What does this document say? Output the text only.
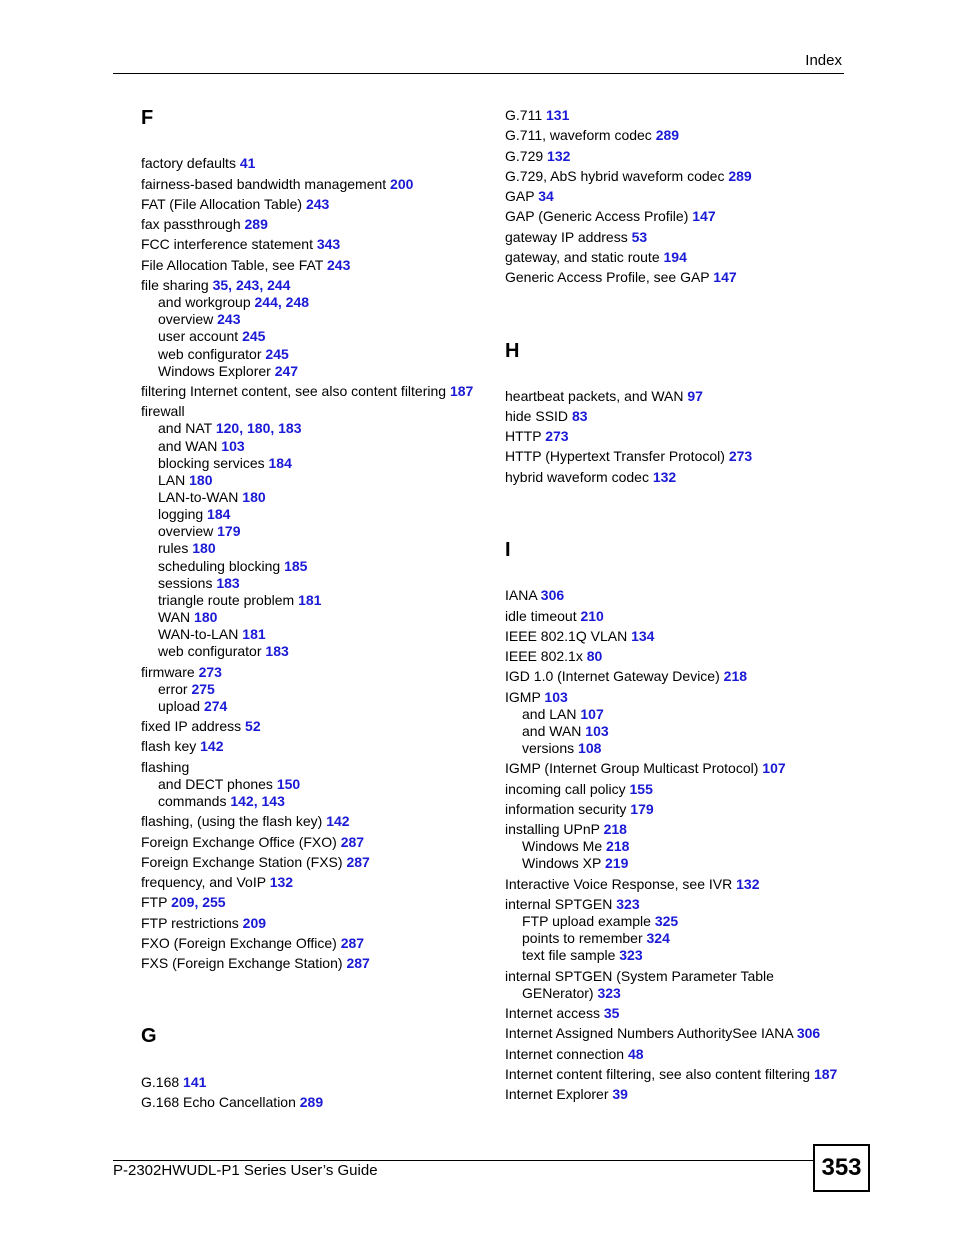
Index
F
factory defaults 41
fairness-based bandwidth management 200
FAT (File Allocation Table) 243
fax passthrough 289
FCC interference statement 343
File Allocation Table, see FAT 243
file sharing 35, 243, 244
and workgroup 244, 248
overview 243
user account 245
web configurator 245
Windows Explorer 247
filtering Internet content, see also content filtering 187
firewall
and NAT 120, 180, 183
and WAN 103
blocking services 184
LAN 180
LAN-to-WAN 180
logging 184
overview 179
rules 180
scheduling blocking 185
sessions 183
triangle route problem 181
WAN 180
WAN-to-LAN 181
web configurator 183
firmware 273
error 275
upload 274
fixed IP address 52
flash key 142
flashing
and DECT phones 150
commands 142, 143
flashing, (using the flash key) 142
Foreign Exchange Office (FXO) 287
Foreign Exchange Station (FXS) 287
frequency, and VoIP 132
FTP 209, 255
FTP restrictions 209
FXO (Foreign Exchange Office) 287
FXS (Foreign Exchange Station) 287
G
G.168 141
G.168 Echo Cancellation 289
G.711 131
G.711, waveform codec 289
G.729 132
G.729, AbS hybrid waveform codec 289
GAP 34
GAP (Generic Access Profile) 147
gateway IP address 53
gateway, and static route 194
Generic Access Profile, see GAP 147
H
heartbeat packets, and WAN 97
hide SSID 83
HTTP 273
HTTP (Hypertext Transfer Protocol) 273
hybrid waveform codec 132
I
IANA 306
idle timeout 210
IEEE 802.1Q VLAN 134
IEEE 802.1x 80
IGD 1.0 (Internet Gateway Device) 218
IGMP 103
and LAN 107
and WAN 103
versions 108
IGMP (Internet Group Multicast Protocol) 107
incoming call policy 155
information security 179
installing UPnP 218
Windows Me 218
Windows XP 219
Interactive Voice Response, see IVR 132
internal SPTGEN 323
FTP upload example 325
points to remember 324
text file sample 323
internal SPTGEN (System Parameter Table
GENerator) 323
Internet access 35
Internet Assigned Numbers AuthoritySee IANA 306
Internet connection 48
Internet content filtering, see also content filtering 187
Internet Explorer 39
P-2302HWUDL-P1 Series User’s Guide	353
